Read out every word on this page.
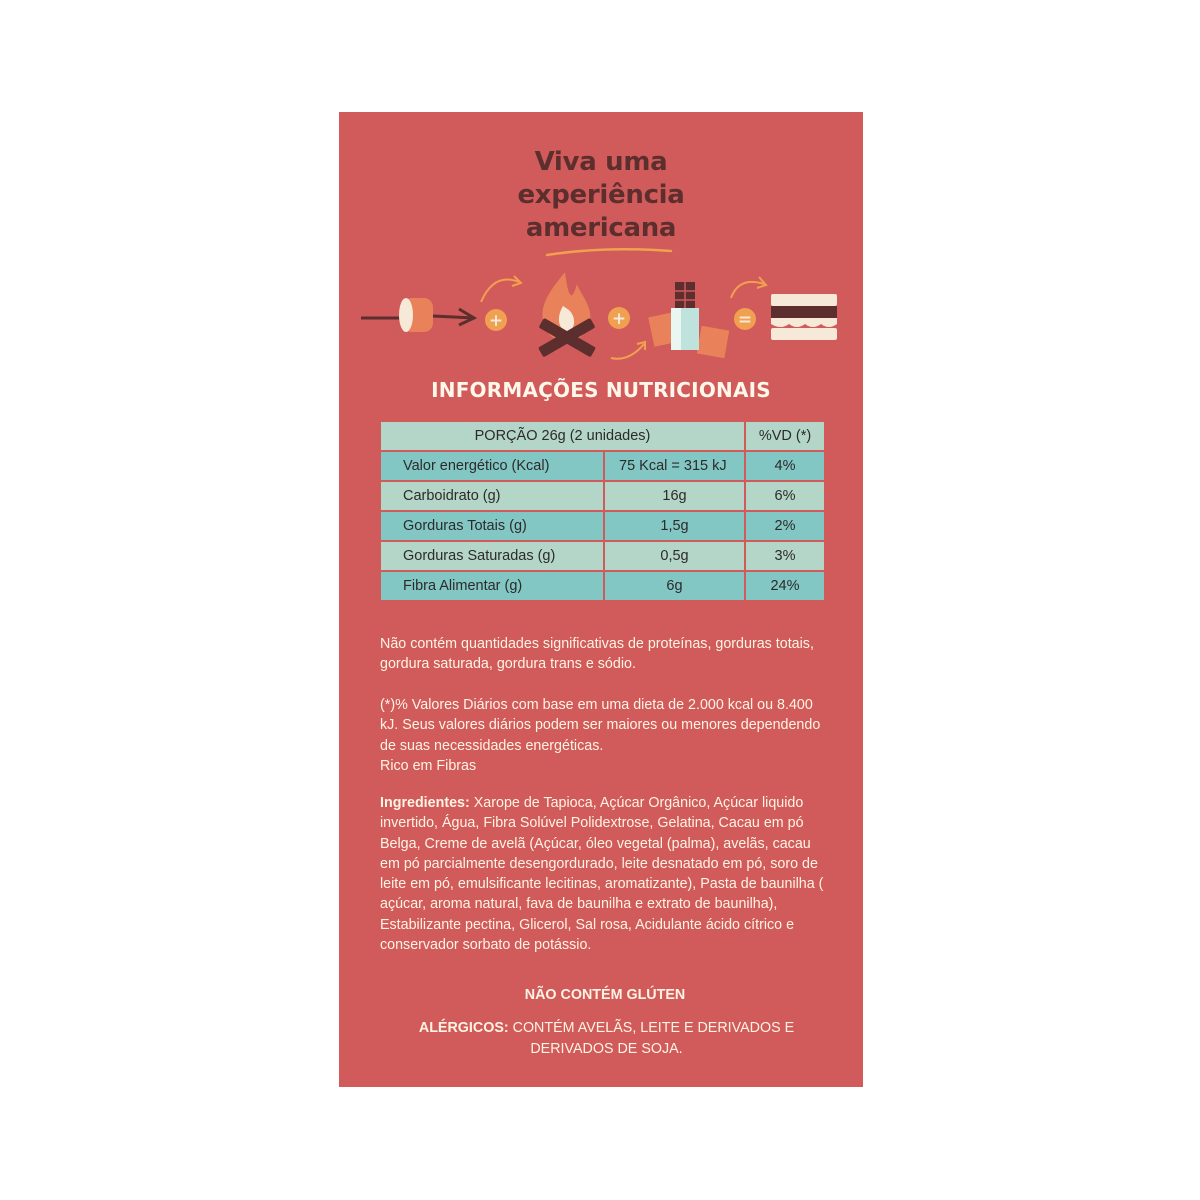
Viva uma
experiência
americana
+	+	=
INFORMAÇÕES NUTRICIONAIS
PORÇÃO 26g (2 unidades)		%VD (*)
Valor energético (Kcal)	75 Kcal = 315 kJ	4%
Carboidrato (g)	16g	6%
Gorduras Totais (g)	1,5g	2%
Gorduras Saturadas (g)	0,5g	3%
Fibra Alimentar (g)	6g	24%
Não contém quantidades significativas de proteínas, gorduras totais, gordura saturada, gordura trans e sódio.
(*)% Valores Diários com base em uma dieta de 2.000 kcal ou 8.400 kJ. Seus valores diários podem ser maiores ou menores dependendo de suas necessidades energéticas.
Rico em Fibras
Ingredientes: Xarope de Tapioca, Açúcar Orgânico, Açúcar liquido invertido, Água, Fibra Solúvel Polidextrose, Gelatina, Cacau em pó Belga, Creme de avelã (Açúcar, óleo vegetal (palma), avelãs, cacau em pó parcialmente desengordurado, leite desnatado em pó, soro de leite em pó, emulsificante lecitinas, aromatizante), Pasta de baunilha ( açúcar, aroma natural, fava de baunilha e extrato de baunilha), Estabilizante pectina, Glicerol, Sal rosa, Acidulante ácido cítrico e conservador sorbato de potássio.
NÃO CONTÉM GLÚTEN
ALÉRGICOS: CONTÉM AVELÃS, LEITE E DERIVADOS E DERIVADOS DE SOJA.
